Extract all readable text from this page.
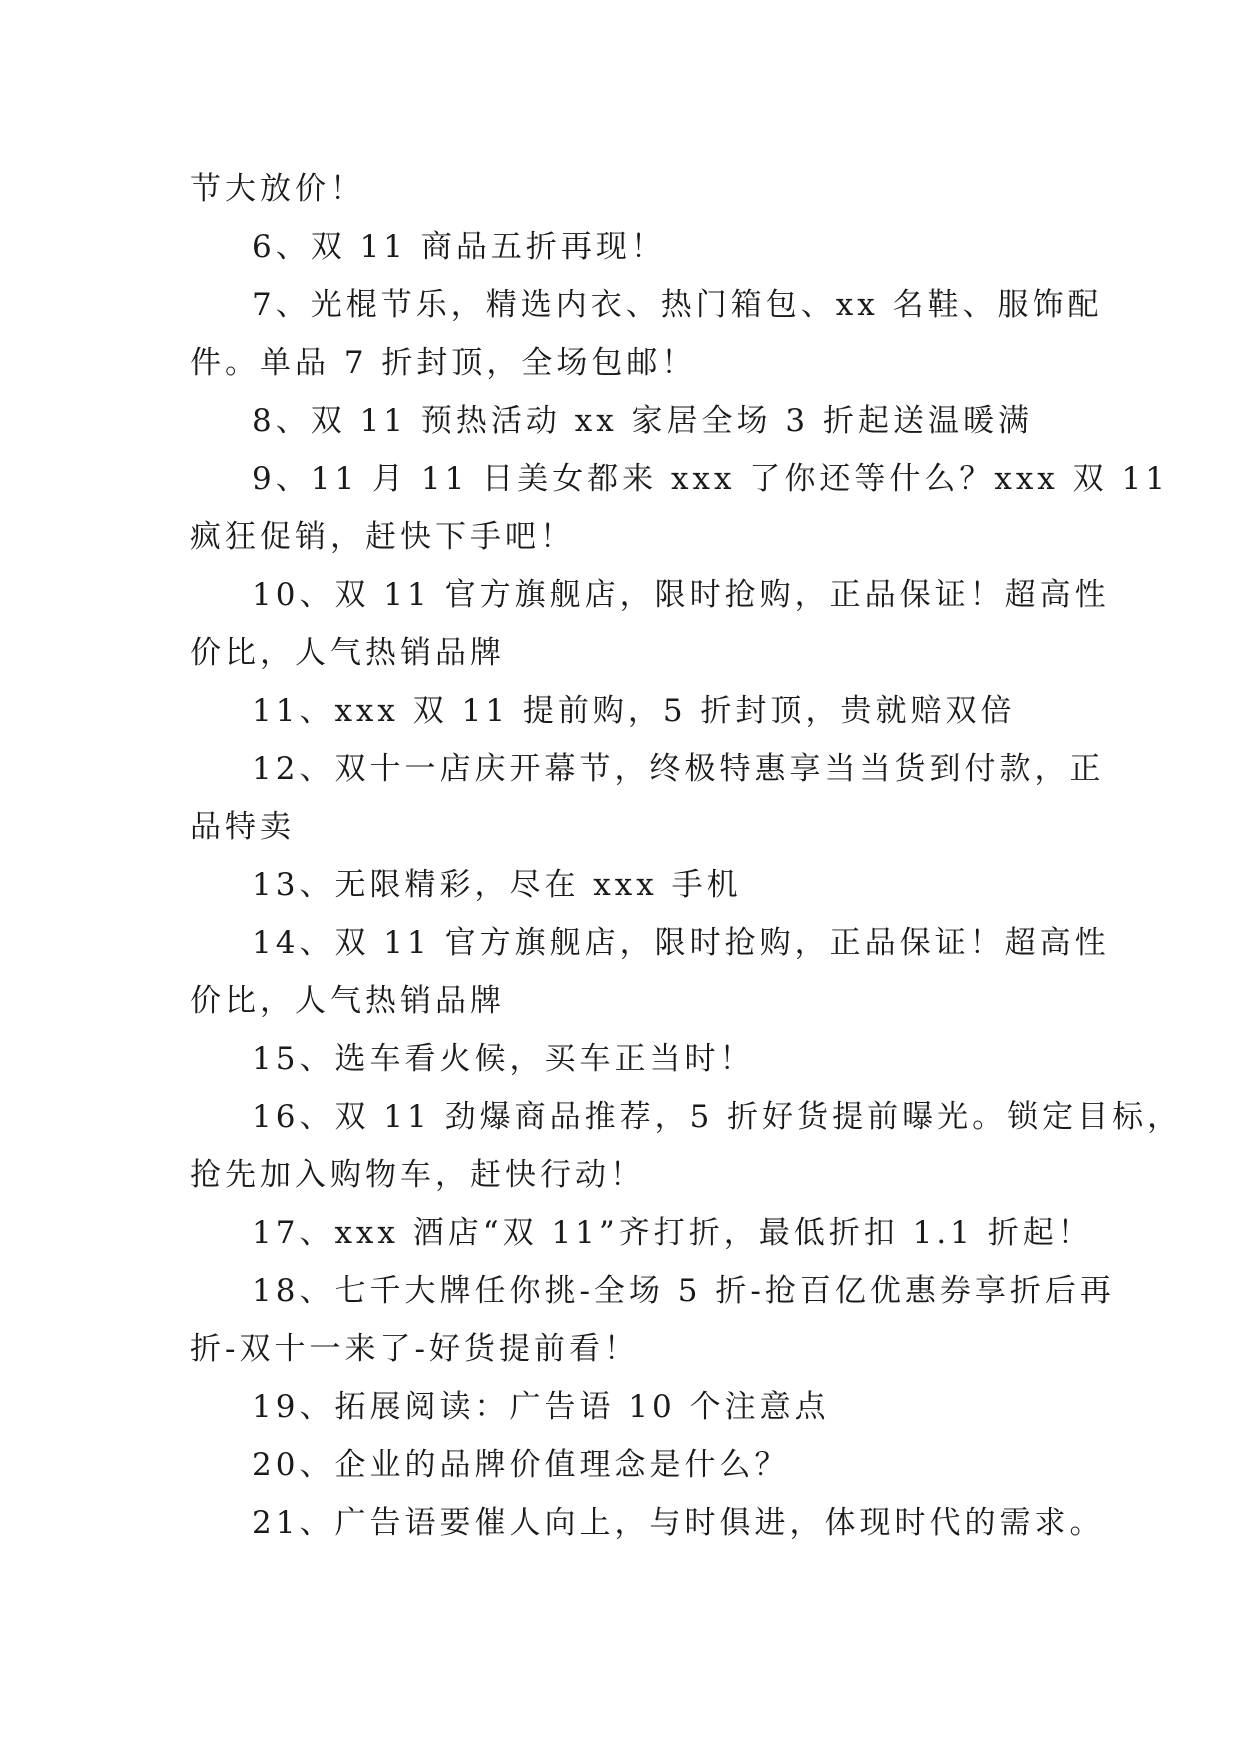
节大放价！
6、双 11 商品五折再现！
7、光棍节乐，精选内衣、热门箱包、xx 名鞋、服饰配
件。单品 7 折封顶，全场包邮！
8、双 11 预热活动 xx 家居全场 3 折起送温暖满
9、11 月 11 日美女都来 xxx 了你还等什么？xxx 双 11
疯狂促销，赶快下手吧！
10、双 11 官方旗舰店，限时抢购，正品保证！超高性
价比，人气热销品牌
11、xxx 双 11 提前购，5 折封顶，贵就赔双倍
12、双十一店庆开幕节，终极特惠享当当货到付款，正
品特卖
13、无限精彩，尽在 xxx 手机
14、双 11 官方旗舰店，限时抢购，正品保证！超高性
价比，人气热销品牌
15、选车看火候，买车正当时！
16、双 11 劲爆商品推荐，5 折好货提前曝光。锁定目标，
抢先加入购物车，赶快行动！
17、xxx 酒店“双 11”齐打折，最低折扣 1.1 折起！
18、七千大牌任你挑-全场 5 折-抢百亿优惠券享折后再
折-双十一来了-好货提前看！
19、拓展阅读：广告语 10 个注意点
20、企业的品牌价值理念是什么？
21、广告语要催人向上，与时俱进，体现时代的需求。
